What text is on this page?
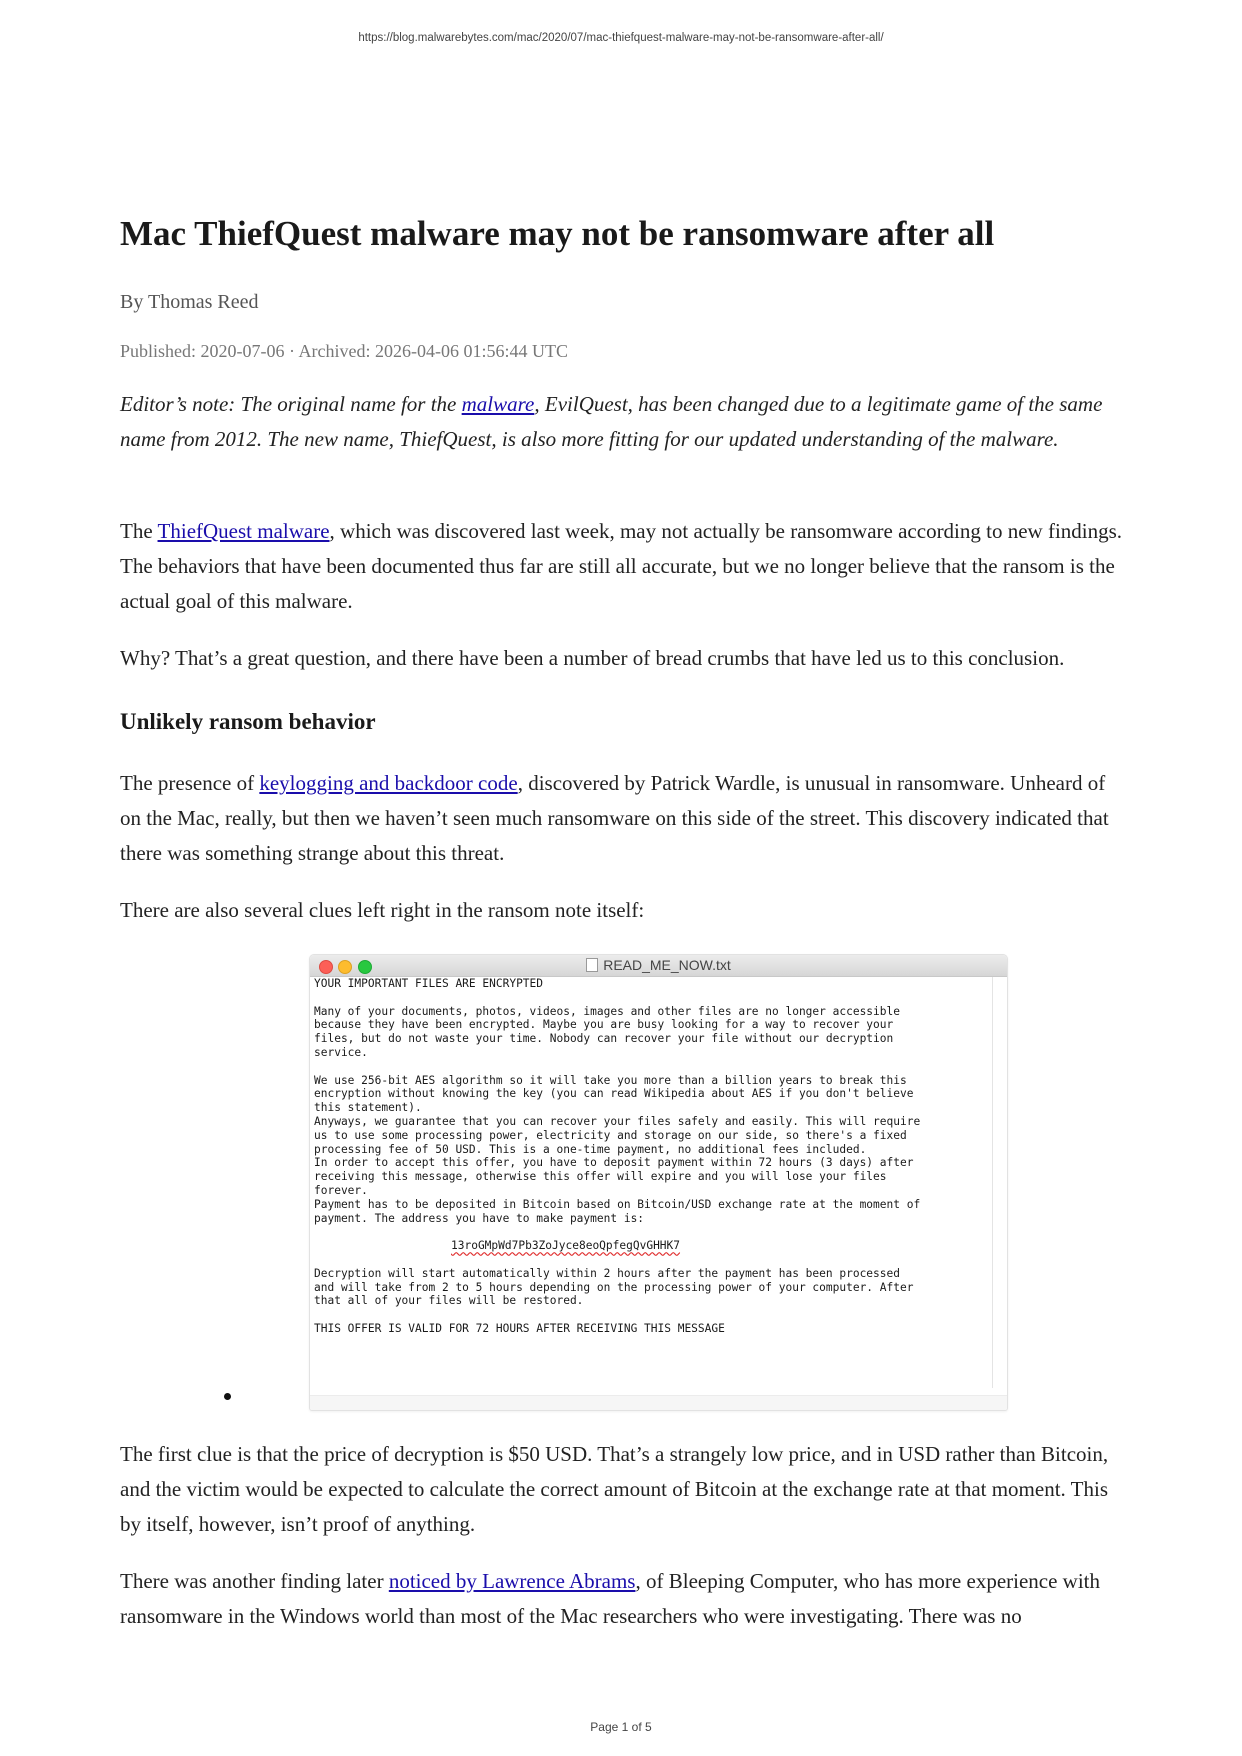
https://blog.malwarebytes.com/mac/2020/07/mac-thiefquest-malware-may-not-be-ransomware-after-all/
Mac ThiefQuest malware may not be ransomware after all
By Thomas Reed
Published: 2020-07-06 · Archived: 2026-04-06 01:56:44 UTC

Editor’s note: The original name for the malware, EvilQuest, has been changed due to a legitimate game of the same name from 2012. The new name, ThiefQuest, is also more fitting for our updated understanding of the malware.

The ThiefQuest malware, which was discovered last week, may not actually be ransomware according to new findings. The behaviors that have been documented thus far are still all accurate, but we no longer believe that the ransom is the actual goal of this malware.

Why? That’s a great question, and there have been a number of bread crumbs that have led us to this conclusion.

Unlikely ransom behavior

The presence of keylogging and backdoor code, discovered by Patrick Wardle, is unusual in ransomware. Unheard of on the Mac, really, but then we haven’t seen much ransomware on this side of the street. This discovery indicated that there was something strange about this threat.

There are also several clues left right in the ransom note itself:

The first clue is that the price of decryption is $50 USD. That’s a strangely low price, and in USD rather than Bitcoin, and the victim would be expected to calculate the correct amount of Bitcoin at the exchange rate at that moment. This by itself, however, isn’t proof of anything.

There was another finding later noticed by Lawrence Abrams, of Bleeping Computer, who has more experience with ransomware in the Windows world than most of the Mac researchers who were investigating. There was no

READ_ME_NOW.txt
YOUR IMPORTANT FILES ARE ENCRYPTED

Many of your documents, photos, videos, images and other files are no longer accessible
because they have been encrypted. Maybe you are busy looking for a way to recover your
files, but do not waste your time. Nobody can recover your file without our decryption
service.

We use 256-bit AES algorithm so it will take you more than a billion years to break this
encryption without knowing the key (you can read Wikipedia about AES if you don't believe
this statement).
Anyways, we guarantee that you can recover your files safely and easily. This will require
us to use some processing power, electricity and storage on our side, so there's a fixed
processing fee of 50 USD. This is a one-time payment, no additional fees included.
In order to accept this offer, you have to deposit payment within 72 hours (3 days) after
receiving this message, otherwise this offer will expire and you will lose your files
forever.
Payment has to be deposited in Bitcoin based on Bitcoin/USD exchange rate at the moment of
payment. The address you have to make payment is:

13roGMpWd7Pb3ZoJyce8eoQpfegQvGHHK7

Decryption will start automatically within 2 hours after the payment has been processed
and will take from 2 to 5 hours depending on the processing power of your computer. After
that all of your files will be restored.

THIS OFFER IS VALID FOR 72 HOURS AFTER RECEIVING THIS MESSAGE
Page 1 of 5
